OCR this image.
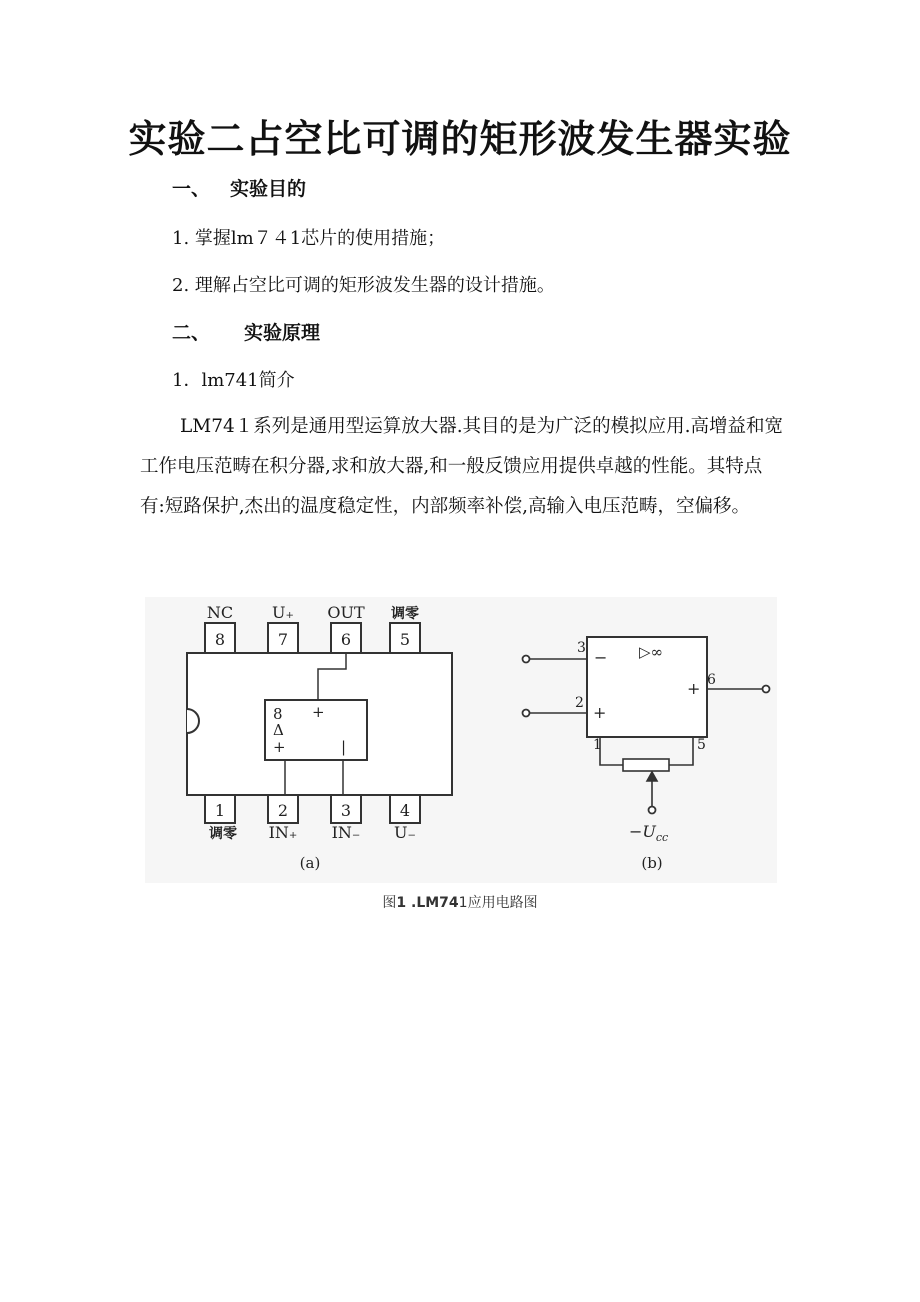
实验二占空比可调的矩形波发生器实验
一、 实验目的
1. 掌握lm７４1芯片的使用措施；
2. 理解占空比可调的矩形波发生器的设计措施。
二、 实验原理
1．lm741简介

LM74１系列是通用型运算放大器.其目的是为广泛的模拟应用.高增益和宽工作电压范畴在积分器,求和放大器,和一般反馈应用提供卓越的性能。其特点有:短路保护,杰出的温度稳定性，内部频率补偿,高输入电压范畴，空偏移。

NC U₊ OUT 调零
8	7	6	5
1	2	3	4
调零 IN₊ IN₋ U₋
8
Δ
+
+
|
(a)
3
2
6
1	5
−
+
+
▷∞
$-U_{cc}$
(b)
图1 .LM741应用电路图
